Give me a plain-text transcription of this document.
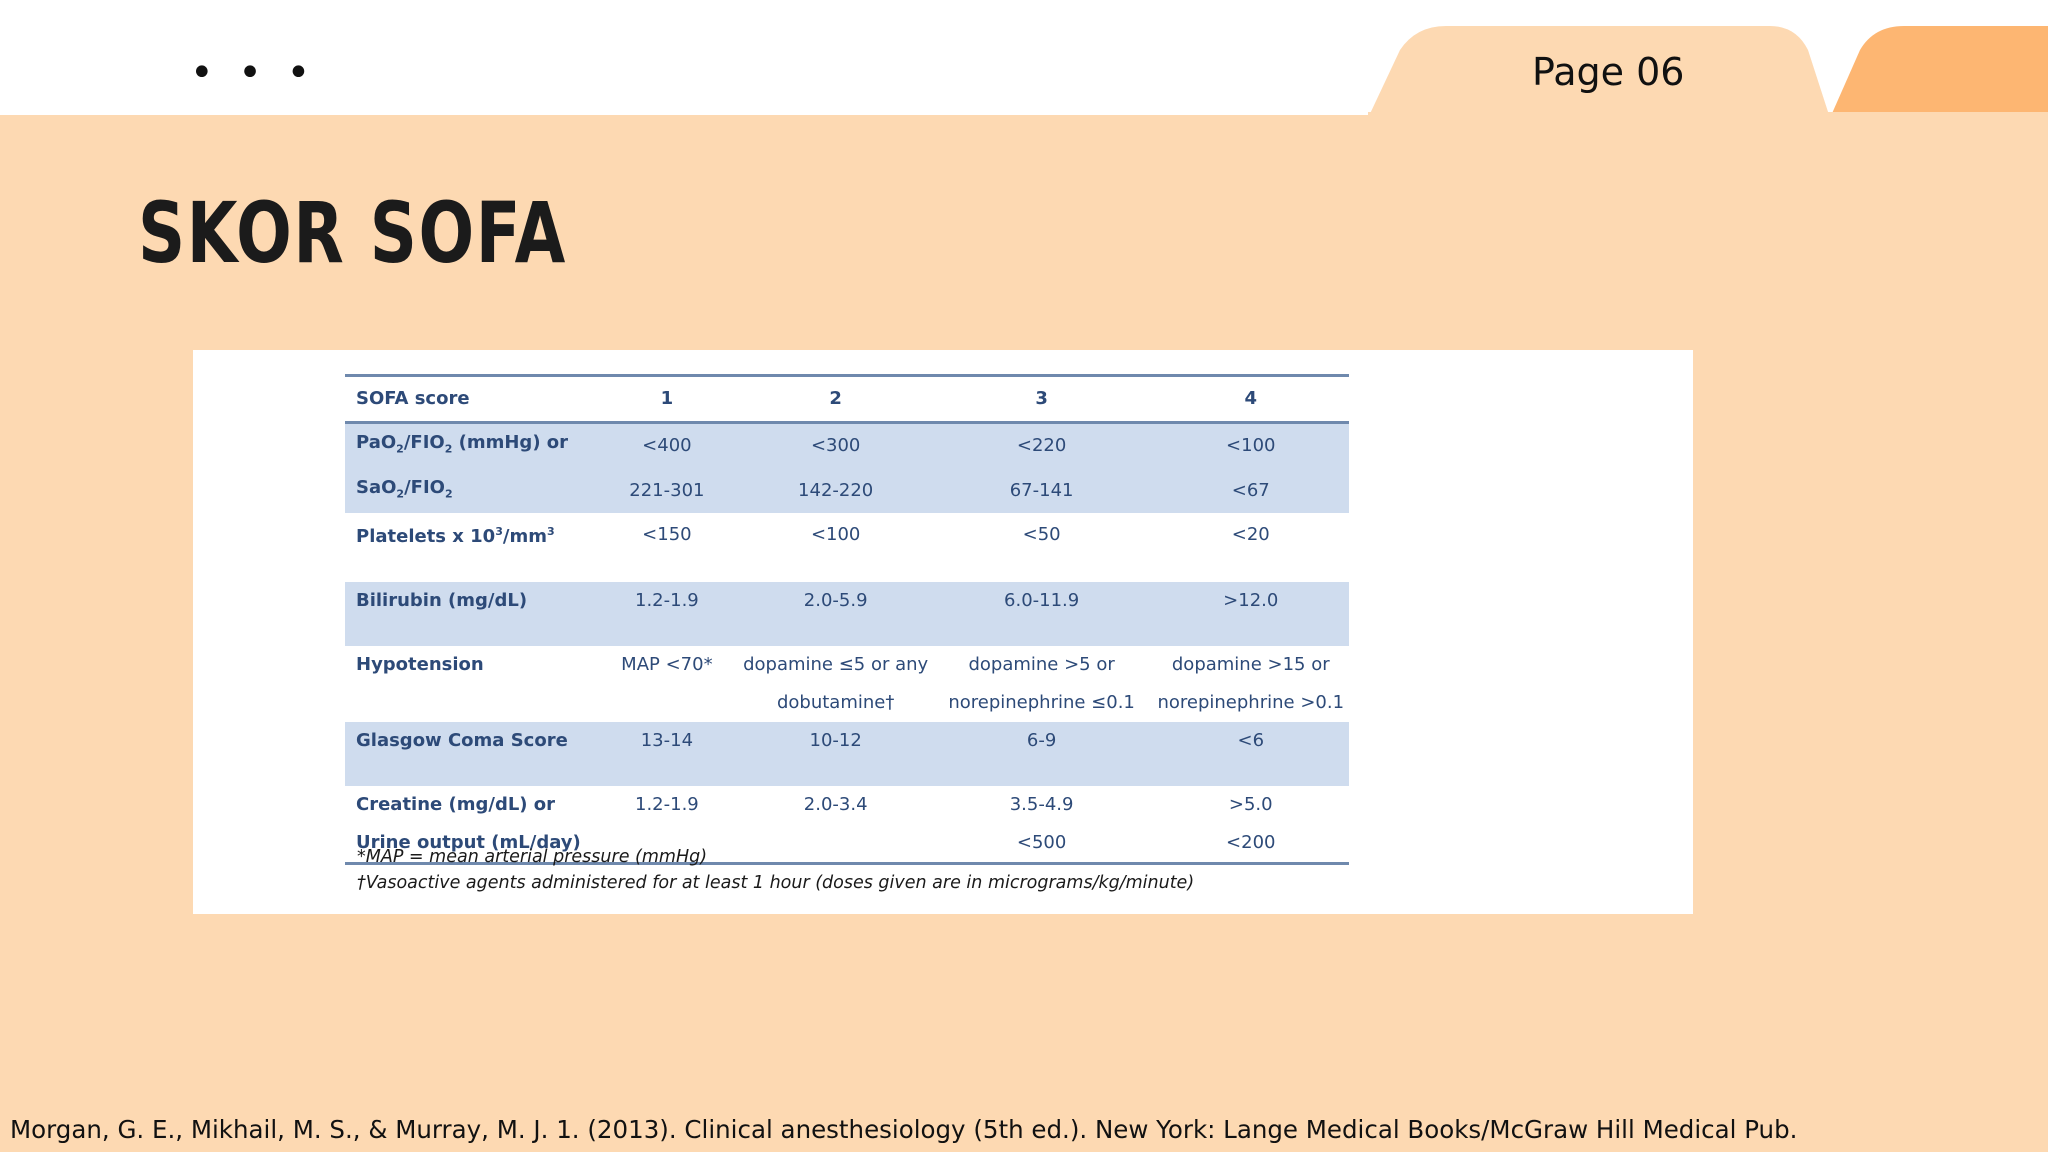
• • •	Page 06
SKOR SOFA
SOFA score	1	2	3	4
$PaO_2/FIO_2$ (mmHg) or	<400	<300	<220	<100
$SaO_2/FIO_2$	221-301	142-220	67-141	<67
Platelets x $10^3/mm^3$	<150	<100	<50	<20

Bilirubin (mg/dL)	1.2-1.9	2.0-5.9	6.0-11.9	>12.0

Hypotension	MAP <70*	dopamine ≤5 or any	dopamine >5 or	dopamine >15 or
		dobutamine†	norepinephrine ≤0.1	norepinephrine >0.1
Glasgow Coma Score	13-14	10-12	6-9	<6

Creatine (mg/dL) or	1.2-1.9	2.0-3.4	3.5-4.9	>5.0
Urine output (mL/day)			<500	<200
*MAP = mean arterial pressure (mmHg)
†Vasoactive agents administered for at least 1 hour (doses given are in micrograms/kg/minute)
Morgan, G. E., Mikhail, M. S., & Murray, M. J. 1. (2013). Clinical anesthesiology (5th ed.). New York: Lange Medical Books/McGraw Hill Medical Pub.
